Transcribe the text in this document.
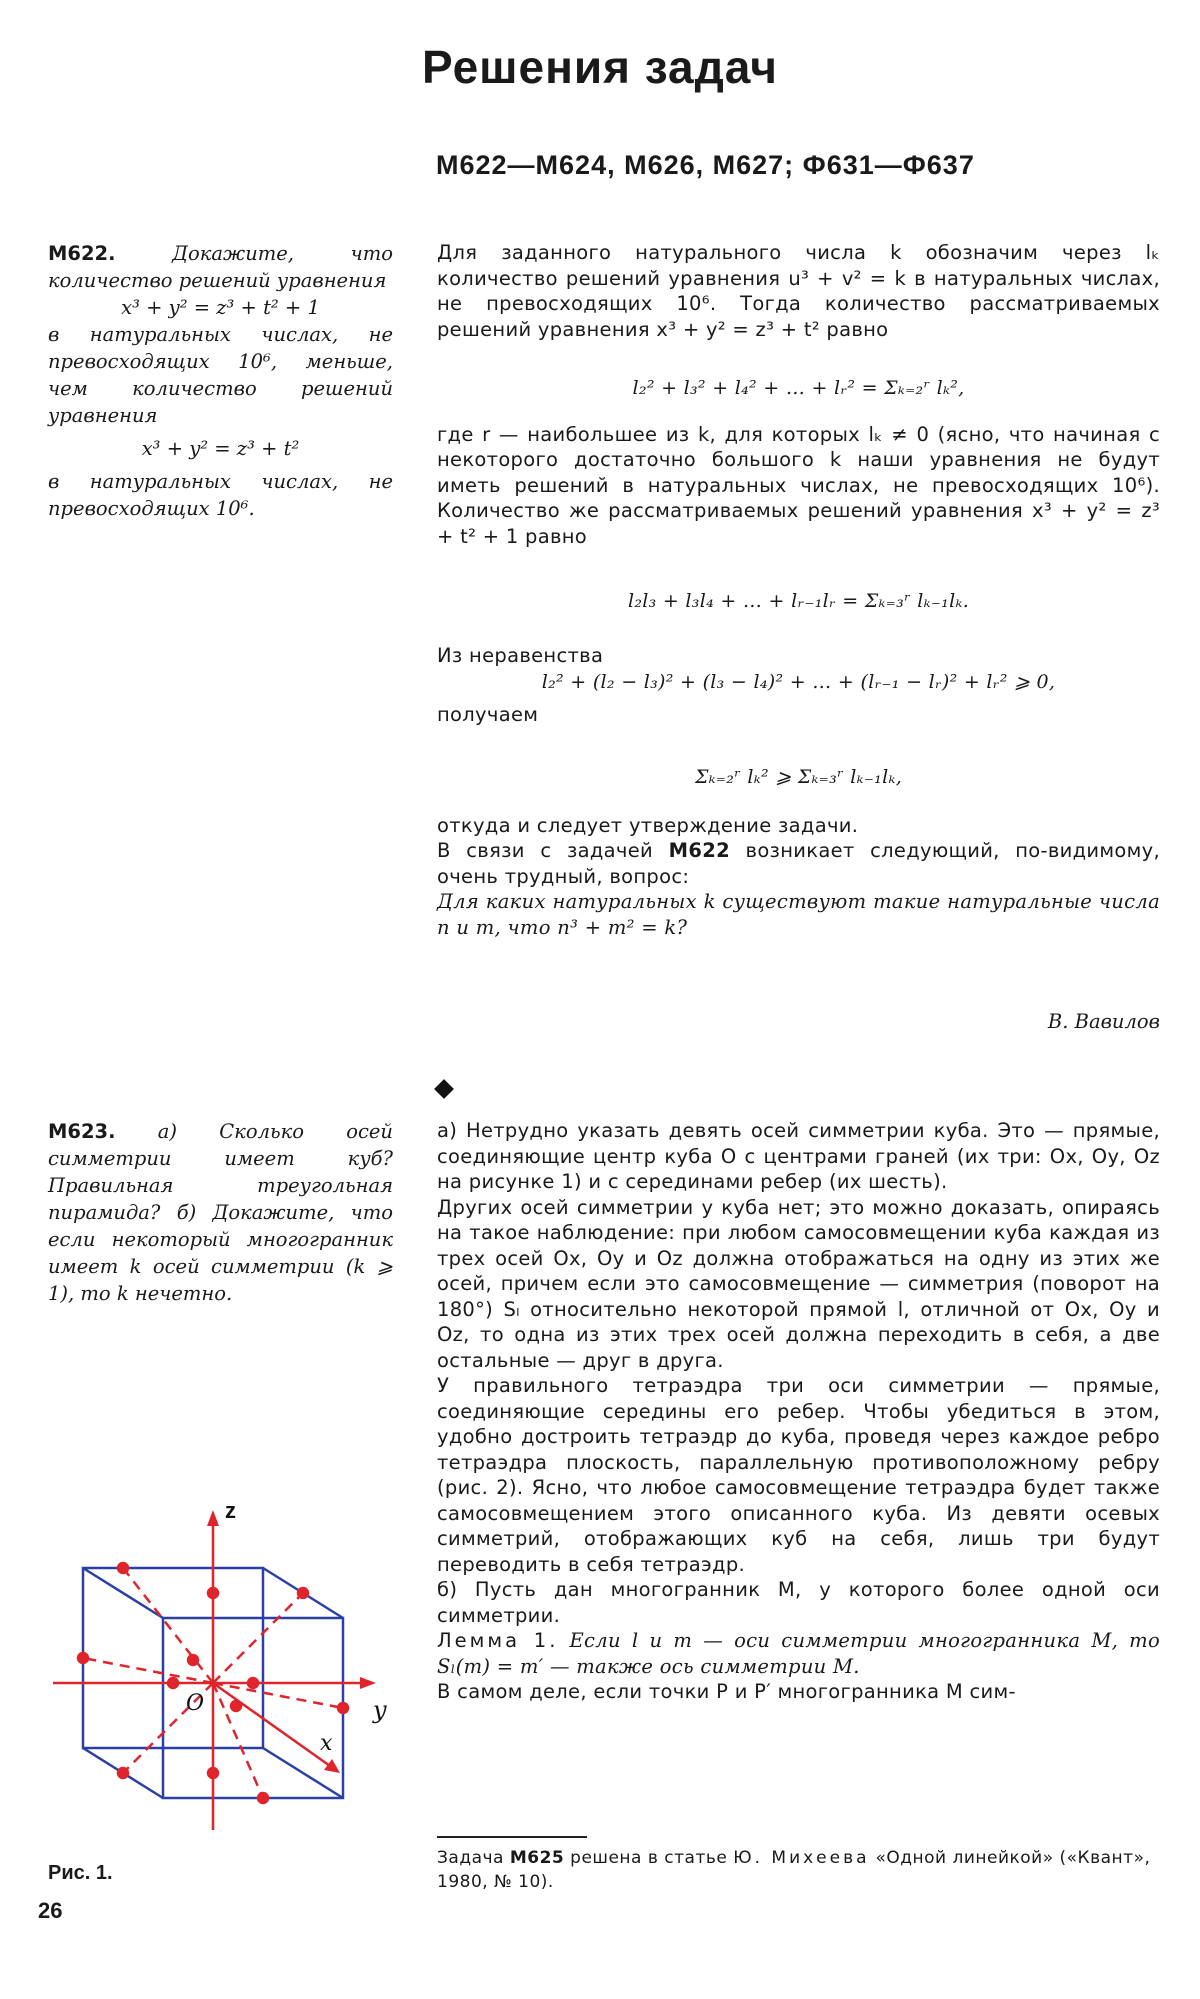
Решения задач
М622—М624, М626, М627; Ф631—Ф637

М622.	Докажите, что количество решений уравнения

x³ + y² = z³ + t² + 1

в натуральных числах, не превосходящих 10⁶, меньше, чем количество решений уравнения

x³ + y² = z³ + t²

в натуральных числах, не превосходящих 10⁶.

Для заданного натурального числа k обозначим через lₖ количество решений уравнения u³ + v² = k в натуральных числах, не превосходящих 10⁶. Тогда количество рассматриваемых решений уравнения x³ + y² = z³ + t² равно

l₂² + l₃² + l₄² + … + lᵣ² = Σₖ₌₂ʳ lₖ²,

где r — наибольшее из k, для которых lₖ ≠ 0 (ясно, что начиная с некоторого достаточно большого k наши уравнения не будут иметь решений в натуральных числах, не превосходящих 10⁶). Количество же рассматриваемых решений уравнения x³ + y² = z³ + t² + 1 равно

l₂l₃ + l₃l₄ + … + lᵣ₋₁lᵣ = Σₖ₌₃ʳ lₖ₋₁lₖ.

Из неравенства

l₂² + (l₂ − l₃)² + (l₃ − l₄)² + … + (lᵣ₋₁ − lᵣ)² + lᵣ² ⩾ 0,

получаем

Σₖ₌₂ʳ lₖ² ⩾ Σₖ₌₃ʳ lₖ₋₁lₖ,

откуда и следует утверждение задачи.

В связи с задачей М622 возникает следующий, по-видимому, очень трудный, вопрос:

Для каких натуральных k существуют такие натуральные числа n и m, что n³ + m² = k?

В. Вавилов

М623. а) Сколько осей симметрии имеет куб? Правильная треугольная пирамида? б) Докажите, что если некоторый многогранник имеет k осей симметрии (k ⩾ 1), то k нечетно.

а) Нетрудно указать девять осей симметрии куба. Это — прямые, соединяющие центр куба O с центрами граней (их три: Ox, Oy, Oz на рисунке 1) и с серединами ребер (их шесть).

Других осей симметрии у куба нет; это можно доказать, опираясь на такое наблюдение: при любом самосовмещении куба каждая из трех осей Ox, Oy и Oz должна отображаться на одну из этих же осей, причем если это самосовмещение — симметрия (поворот на 180°) Sₗ относительно некоторой прямой l, отличной от Ox, Oy и Oz, то одна из этих трех осей должна переходить в себя, а две остальные — друг в друга.

У правильного тетраэдра три оси симметрии — прямые, соединяющие середины его ребер. Чтобы убедиться в этом, удобно достроить тетраэдр до куба, проведя через каждое ребро тетраэдра плоскость, параллельную противоположному ребру (рис. 2). Ясно, что любое самосовмещение тетраэдра будет также самосовмещением этого описанного куба. Из девяти осевых симметрий, отображающих куб на себя, лишь три будут переводить в себя тетраэдр.

б) Пусть дан многогранник M, у которого более одной оси симметрии.

Лемма 1. Если l и m — оси симметрии многогранника M, то Sₗ(m) = m′ — также ось симметрии M.

В самом деле, если точки P и P′ многогранника M сим-

z
y
x
O
Рис. 1.
Задача М625 решена в статье Ю. Михеева «Одной линейкой» («Квант», 1980, № 10).
26
